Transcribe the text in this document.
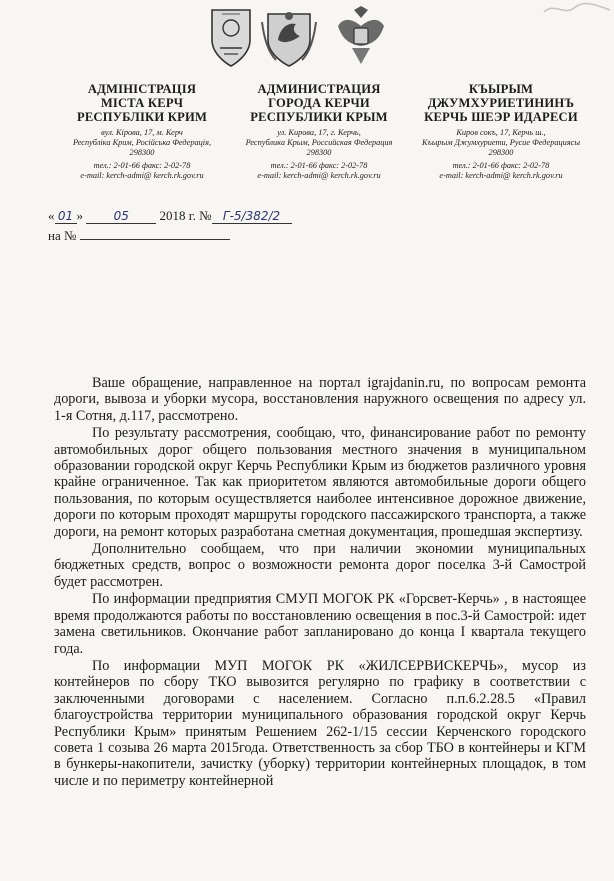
АДМІНІСТРАЦІЯ
МІСТА КЕРЧ
РЕСПУБЛІКИ КРИМ
вул. Кірова, 17, м. Керч
Республіка Крим, Російська Федерація,
298300
тел.: 2-01-66 факс: 2-02-78
e-mail: kerch-admi@ kerch.rk.gov.ru
АДМИНИСТРАЦИЯ
ГОРОДА КЕРЧИ
РЕСПУБЛИКИ КРЫМ
ул. Кирова, 17, г. Керчь,
Республика Крым, Российская Федерация
298300
тел.: 2-01-66 факс: 2-02-78
e-mail: kerch-admi@ kerch.rk.gov.ru
КЪЫРЫМ
ДЖУМХУРИЕТИНИНЪ
КЕРЧЬ ШЕЭР ИДАРЕСИ
Киров сокъ, 17, Керчь ш.,
Къырым Джумхуриети, Русие Федерациясы
298300
тел.: 2-01-66 факс: 2-02-78
e-mail: kerch-admi@ kerch.rk.gov.ru
« 01 »	05 2018 г. № Г-5/382/2
на №

Ваше обращение, направленное на портал igrajdanin.ru, по вопросам ремонта дороги, вывоза и уборки мусора, восстановления наружного освещения по адресу ул. 1-я Сотня, д.117, рассмотрено.

По результату рассмотрения, сообщаю, что, финансирование работ по ремонту автомобильных дорог общего пользования местного значения в муниципальном образовании городской округ Керчь Республики Крым из бюджетов различного уровня крайне ограниченное. Так как приоритетом являются автомобильные дороги общего пользования, по которым осуществляется наиболее интенсивное дорожное движение, дороги по которым проходят маршруты городского пассажирского транспорта, а также дороги, на ремонт которых разработана сметная документация, прошедшая экспертизу.

Дополнительно сообщаем, что при наличии экономии муниципальных бюджетных средств, вопрос о возможности ремонта дорог поселка 3-й Самострой будет рассмотрен.

По информации предприятия СМУП МОГОК РК «Горсвет-Керчь» , в настоящее время продолжаются работы по восстановлению освещения в пос.3-й Самострой: идет замена светильников. Окончание работ запланировано до конца I квартала текущего года.

По информации МУП МОГОК РК «ЖИЛСЕРВИСКЕРЧЬ», мусор из контейнеров по сбору ТКО вывозится регулярно по графику в соответствии с заключенными договорами с населением. Согласно п.п.6.2.28.5 «Правил благоустройства территории муниципального образования городской округ Керчь Республики Крым» принятым Решением 262-1/15 сессии Керченского городского совета 1 созыва 26 марта 2015года. Ответственность за сбор ТБО в контейнеры и КГМ в бункеры-накопители, зачистку (уборку) территории контейнерных площадок, в том числе и по периметру контейнерной
